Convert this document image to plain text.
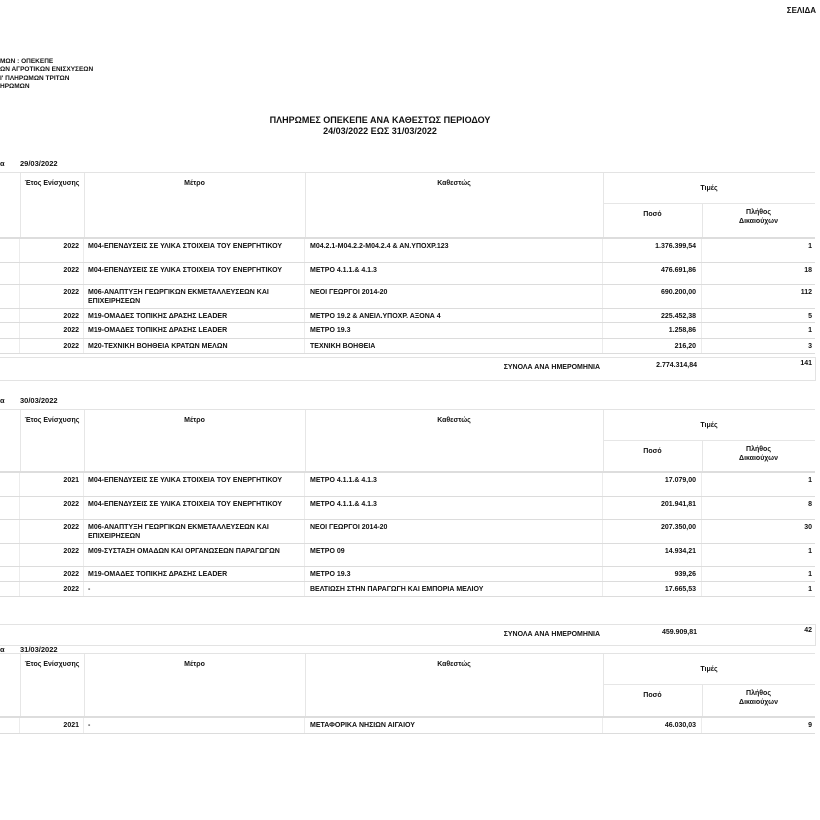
ΣΕΛΙΔΑ
ΜΩΝ : ΟΠΕΚΕΠΕ
ΩΝ ΑΓΡΟΤΙΚΩΝ ΕΝΙΣΧΥΣΕΩΝ
Ι' ΠΛΗΡΩΜΩΝ ΤΡΙΤΩΝ
ΗΡΩΜΩΝ
ΠΛΗΡΩΜΕΣ ΟΠΕΚΕΠΕ ΑΝΑ ΚΑΘΕΣΤΩΣ ΠΕΡΙΟΔΟΥ
24/03/2022 ΕΩΣ 31/03/2022
α 29/03/2022
Έτος Ενίσχυσης	Μέτρο	Καθεστώς
Τιμές
Ποσό	Πλήθος Δικαιούχων
2022	Μ04-ΕΠΕΝΔΥΣΕΙΣ ΣΕ ΥΛΙΚΑ ΣΤΟΙΧΕΙΑ ΤΟΥ ΕΝΕΡΓΗΤΙΚΟΥ	Μ04.2.1-Μ04.2.2-Μ04.2.4 & ΑΝ.ΥΠΟΧΡ.123	1.376.399,54	1
2022	Μ04-ΕΠΕΝΔΥΣΕΙΣ ΣΕ ΥΛΙΚΑ ΣΤΟΙΧΕΙΑ ΤΟΥ ΕΝΕΡΓΗΤΙΚΟΥ	ΜΕΤΡΟ 4.1.1.& 4.1.3	476.691,86	18
2022	Μ06-ΑΝΑΠΤΥΞΗ ΓΕΩΡΓΙΚΩΝ ΕΚΜΕΤΑΛΛΕΥΣΕΩΝ ΚΑΙ ΕΠΙΧΕΙΡΗΣΕΩΝ
ΝΕΟΙ ΓΕΩΡΓΟΙ 2014-20	690.200,00	112
2022	Μ19-ΟΜΑΔΕΣ ΤΟΠΙΚΗΣ ΔΡΑΣΗΣ LEADER	ΜΕΤΡΟ 19.2 & ΑΝΕΙΛ.ΥΠΟΧΡ. ΑΞΟΝΑ 4	225.452,38	5
2022	Μ19-ΟΜΑΔΕΣ ΤΟΠΙΚΗΣ ΔΡΑΣΗΣ LEADER	ΜΕΤΡΟ 19.3	1.258,86	1
2022	Μ20-ΤΕΧΝΙΚΗ ΒΟΗΘΕΙΑ ΚΡΑΤΩΝ ΜΕΛΩΝ	ΤΕΧΝΙΚΗ ΒΟΗΘΕΙΑ	216,20	3
ΣΥΝΟΛΑ ΑΝΑ ΗΜΕΡΟΜΗΝΙΑ	2.774.314,84	141
α 30/03/2022
Έτος Ενίσχυσης	Μέτρο	Καθεστώς
Τιμές
Ποσό	Πλήθος Δικαιούχων
2021	Μ04-ΕΠΕΝΔΥΣΕΙΣ ΣΕ ΥΛΙΚΑ ΣΤΟΙΧΕΙΑ ΤΟΥ ΕΝΕΡΓΗΤΙΚΟΥ	ΜΕΤΡΟ 4.1.1.& 4.1.3	17.079,00	1
2022	Μ04-ΕΠΕΝΔΥΣΕΙΣ ΣΕ ΥΛΙΚΑ ΣΤΟΙΧΕΙΑ ΤΟΥ ΕΝΕΡΓΗΤΙΚΟΥ	ΜΕΤΡΟ 4.1.1.& 4.1.3	201.941,81	8
2022	Μ06-ΑΝΑΠΤΥΞΗ ΓΕΩΡΓΙΚΩΝ ΕΚΜΕΤΑΛΛΕΥΣΕΩΝ ΚΑΙ ΕΠΙΧΕΙΡΗΣΕΩΝ
ΝΕΟΙ ΓΕΩΡΓΟΙ 2014-20	207.350,00	30
2022	Μ09-ΣΥΣΤΑΣΗ ΟΜΑΔΩΝ ΚΑΙ ΟΡΓΑΝΩΣΕΩΝ ΠΑΡΑΓΩΓΩΝ	ΜΕΤΡΟ 09	14.934,21	1
2022	Μ19-ΟΜΑΔΕΣ ΤΟΠΙΚΗΣ ΔΡΑΣΗΣ LEADER	ΜΕΤΡΟ 19.3	939,26	1
2022	-	ΒΕΛΤΙΩΣΗ ΣΤΗΝ ΠΑΡΑΓΩΓΗ ΚΑΙ ΕΜΠΟΡΙΑ ΜΕΛΙΟΥ	17.665,53	1
ΣΥΝΟΛΑ ΑΝΑ ΗΜΕΡΟΜΗΝΙΑ	459.909,81	42
α 31/03/2022
Έτος Ενίσχυσης	Μέτρο	Καθεστώς
Τιμές
Ποσό	Πλήθος Δικαιούχων
2021	-	ΜΕΤΑΦΟΡΙΚΑ ΝΗΣΙΩΝ ΑΙΓΑΙΟΥ	46.030,03	9
